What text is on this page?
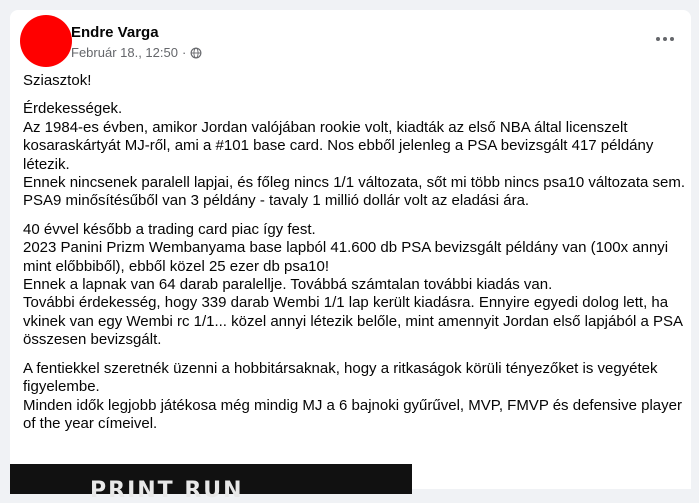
Endre Varga
Február 18., 12:50 ·

Sziasztok!

Érdekességek.
Az 1984-es évben, amikor Jordan valójában rookie volt, kiadták az első NBA által licenszelt
kosaraskártyát MJ-ről, ami a #101 base card. Nos ebből jelenleg a PSA bevizsgált 417 példány
létezik.
Ennek nincsenek paralell lapjai, és főleg nincs 1/1 változata, sőt mi több nincs psa10 változata sem.
PSA9 minősítésűből van 3 példány - tavaly 1 millió dollár volt az eladási ára.

40 évvel később a trading card piac így fest.
2023 Panini Prizm Wembanyama base lapból 41.600 db PSA bevizsgált példány van (100x annyi
mint előbbiből), ebből közel 25 ezer db psa10!
Ennek a lapnak van 64 darab paralellje. Továbbá számtalan további kiadás van.
További érdekesség, hogy 339 darab Wembi 1/1 lap került kiadásra. Ennyire egyedi dolog lett, ha
vkinek van egy Wembi rc 1/1... közel annyi létezik belőle, mint amennyit Jordan első lapjából a PSA
összesen bevizsgált.

A fentiekkel szeretnék üzenni a hobbitársaknak, hogy a ritkaságok körüli tényezőket is vegyétek
figyelembe.
Minden idők legjobb játékosa még mindig MJ a 6 bajnoki gyűrűvel, MVP, FMVP és defensive player
of the year címeivel.

PRINT RUN
